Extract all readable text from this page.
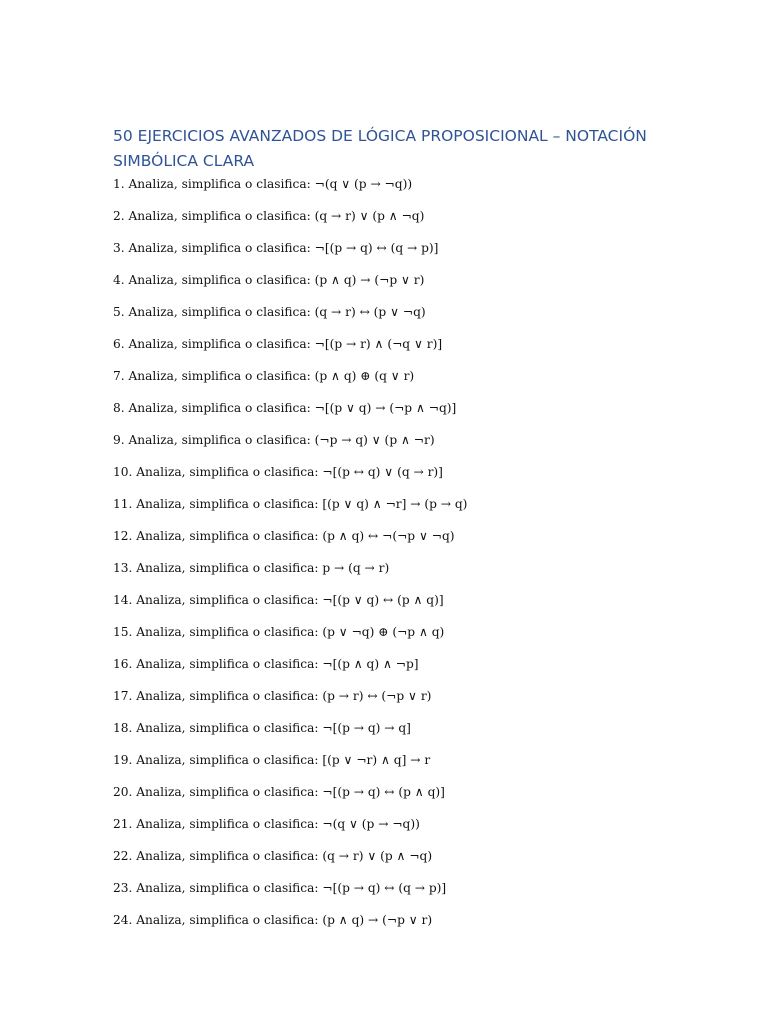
50 EJERCICIOS AVANZADOS DE LÓGICA PROPOSICIONAL – NOTACIÓN SIMBÓLICA CLARA
1. Analiza, simplifica o clasifica: ¬(q ∨ (p → ¬q))
2. Analiza, simplifica o clasifica: (q → r) ∨ (p ∧ ¬q)
3. Analiza, simplifica o clasifica: ¬[(p → q) ↔ (q → p)]
4. Analiza, simplifica o clasifica: (p ∧ q) → (¬p ∨ r)
5. Analiza, simplifica o clasifica: (q → r) ↔ (p ∨ ¬q)
6. Analiza, simplifica o clasifica: ¬[(p → r) ∧ (¬q ∨ r)]
7. Analiza, simplifica o clasifica: (p ∧ q) ⊕ (q ∨ r)
8. Analiza, simplifica o clasifica: ¬[(p ∨ q) → (¬p ∧ ¬q)]
9. Analiza, simplifica o clasifica: (¬p → q) ∨ (p ∧ ¬r)
10. Analiza, simplifica o clasifica: ¬[(p ↔ q) ∨ (q → r)]
11. Analiza, simplifica o clasifica: [(p ∨ q) ∧ ¬r] → (p → q)
12. Analiza, simplifica o clasifica: (p ∧ q) ↔ ¬(¬p ∨ ¬q)
13. Analiza, simplifica o clasifica: p → (q → r)
14. Analiza, simplifica o clasifica: ¬[(p ∨ q) ↔ (p ∧ q)]
15. Analiza, simplifica o clasifica: (p ∨ ¬q) ⊕ (¬p ∧ q)
16. Analiza, simplifica o clasifica: ¬[(p ∧ q) ∧ ¬p]
17. Analiza, simplifica o clasifica: (p → r) ↔ (¬p ∨ r)
18. Analiza, simplifica o clasifica: ¬[(p → q) → q]
19. Analiza, simplifica o clasifica: [(p ∨ ¬r) ∧ q] → r
20. Analiza, simplifica o clasifica: ¬[(p → q) ↔ (p ∧ q)]
21. Analiza, simplifica o clasifica: ¬(q ∨ (p → ¬q))
22. Analiza, simplifica o clasifica: (q → r) ∨ (p ∧ ¬q)
23. Analiza, simplifica o clasifica: ¬[(p → q) ↔ (q → p)]
24. Analiza, simplifica o clasifica: (p ∧ q) → (¬p ∨ r)
